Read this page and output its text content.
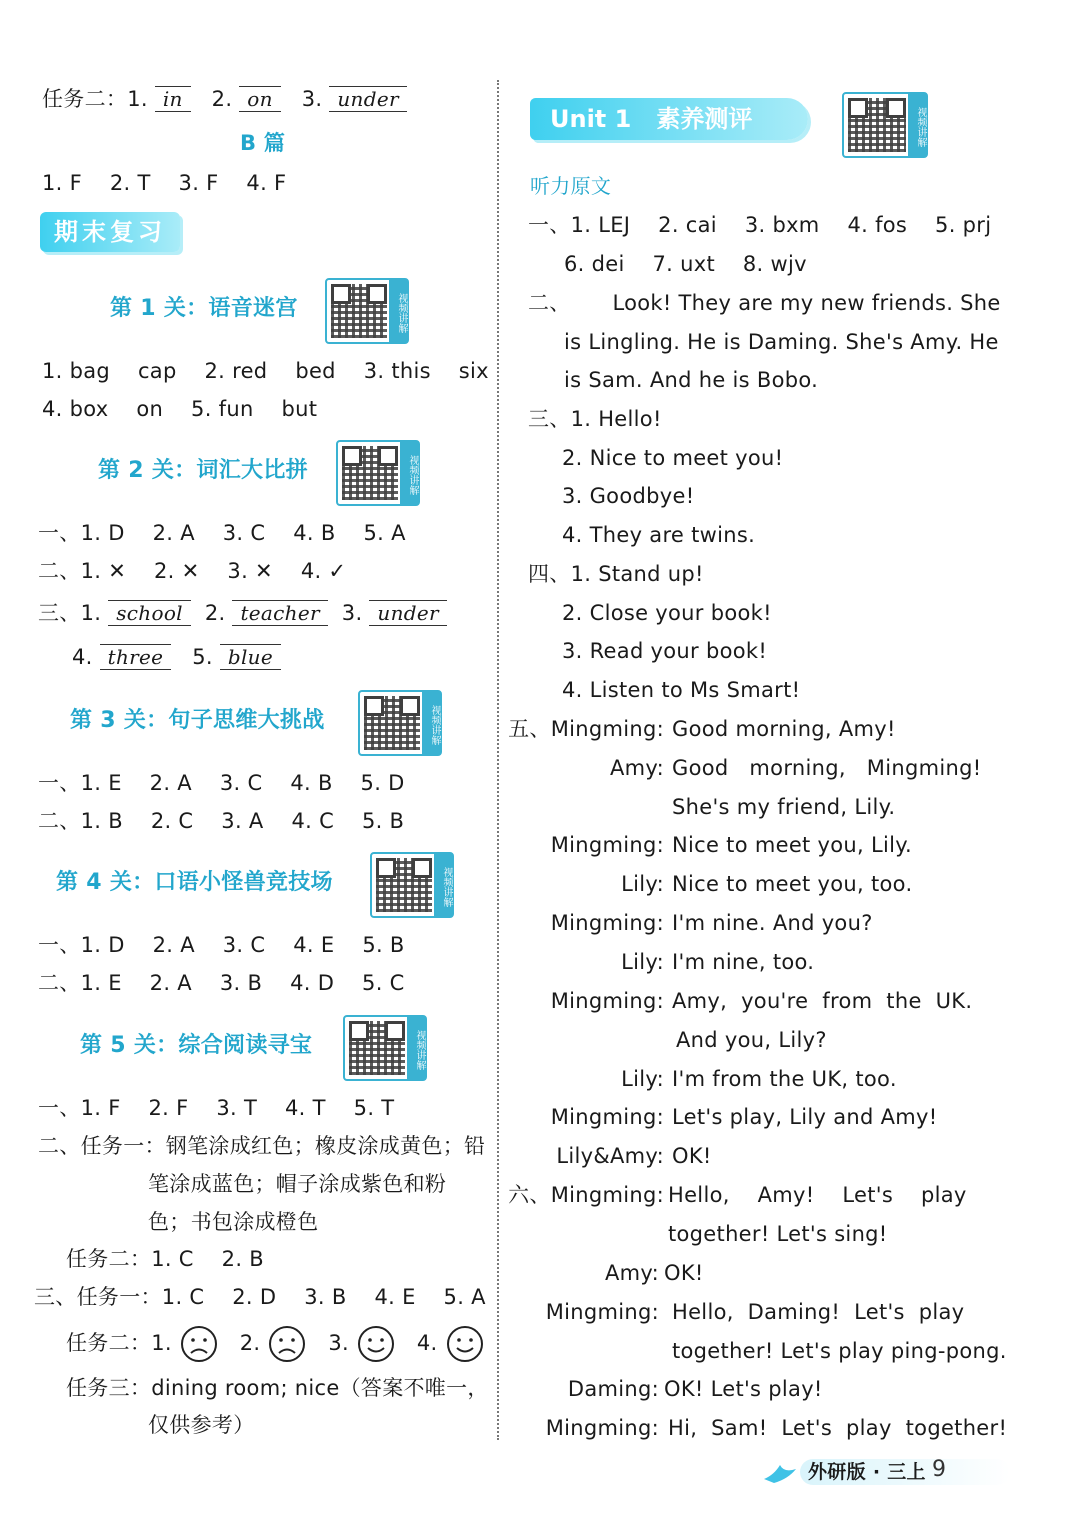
任务二：1. in 2. on 3. under
B 篇
1. F    2. T    3. F    4. F
期末复习
第 1 关：语音迷宫	视频讲解
1. bag    cap    2. red    bed    3. this    six
4. box    on    5. fun    but
第 2 关：词汇大比拼	视频讲解
一、1. D    2. A    3. C    4. B    5. A
二、1. ✕    2. ✕    3. ✕    4. ✓
三、1. school 2. teacher 3. under
4. three 5. blue
第 3 关：句子思维大挑战	视频讲解
一、1. E    2. A    3. C    4. B    5. D
二、1. B    2. C    3. A    4. C    5. B
第 4 关：口语小怪兽竞技场	视频讲解
一、1. D    2. A    3. C    4. E    5. B
二、1. E    2. A    3. B    4. D    5. C
第 5 关：综合阅读寻宝	视频讲解
一、1. F    2. F    3. T    4. T    5. T
二、任务一：钢笔涂成红色；橡皮涂成黄色；铅
笔涂成蓝色；帽子涂成紫色和粉
色；书包涂成橙色
任务二：1. C    2. B
三、任务一：1. C    2. D    3. B    4. E    5. A
任务二：1.	2.	3.	4.
任务三：dining room; nice（答案不唯一，
仅供参考）
Unit 1   素养测评	视频讲解
听力原文
一、1. LEJ    2. cai    3. bxm    4. fos    5. prj
6. dei    7. uxt    8. wjv
二、      Look! They are my new friends. She
is Lingling. He is Daming. She's Amy. He
is Sam. And he is Bobo.
三、1. Hello!
2. Nice to meet you!
3. Goodbye!
4. They are twins.
四、1. Stand up!
2. Close your book!
3. Read your book!
4. Listen to Ms Smart!
五、Mingming: Good morning, Amy!
Amy: Good   morning,   Mingming!
She's my friend, Lily.
Mingming: Nice to meet you, Lily.
Lily: Nice to meet you, too.
Mingming: I'm nine. And you?
Lily: I'm nine, too.
Mingming: Amy,  you're  from  the  UK.
And you, Lily?
Lily: I'm from the UK, too.
Mingming: Let's play, Lily and Amy!
Lily&Amy: OK!
六、Mingming: Hello,    Amy!    Let's    play
together! Let's sing!
Amy: OK!
Mingming: Hello,  Daming!  Let's  play
together! Let's play ping-pong.
Daming: OK! Let's play!
Mingming: Hi,  Sam!  Let's  play  together!
外研版 · 三上 9
